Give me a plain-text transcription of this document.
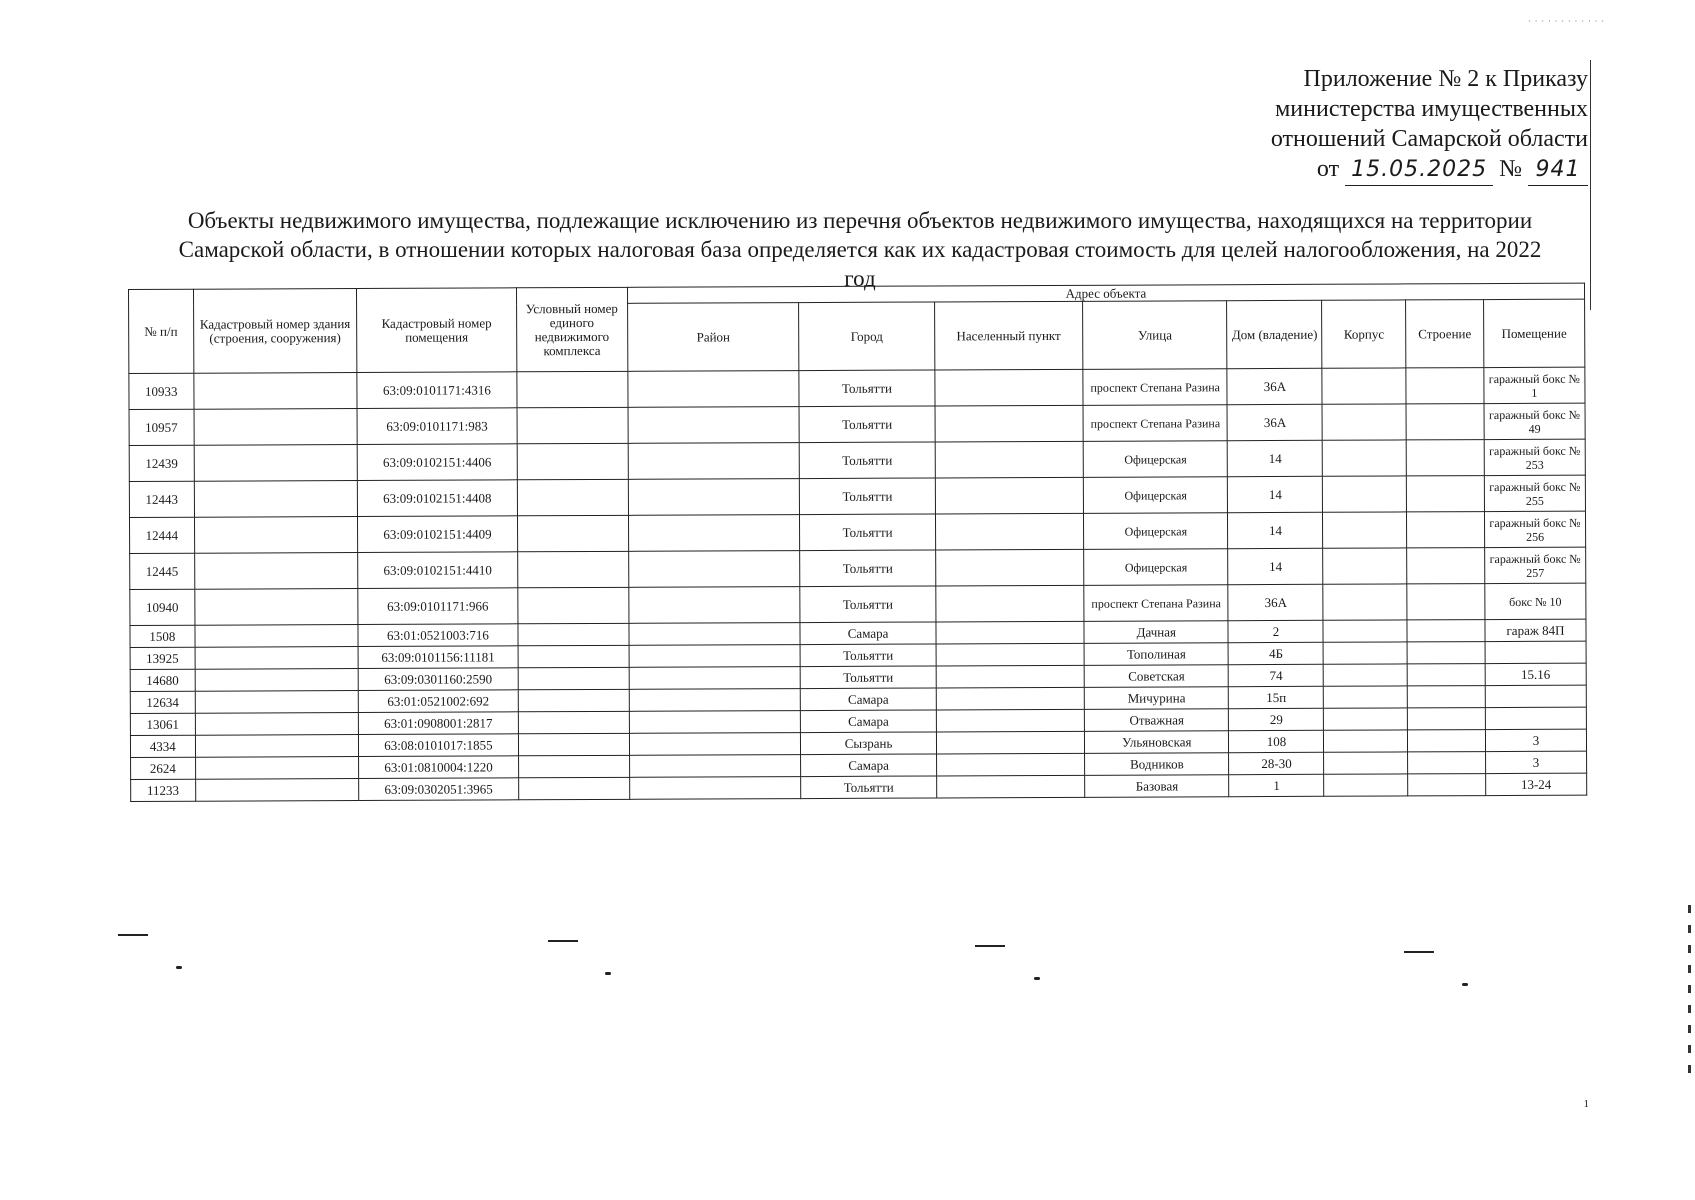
· · · · · · · · · · · ·
Приложение № 2 к Приказу
министерства имущественных
отношений Самарской области
от 15.05.2025 № 941
Объекты недвижимого имущества, подлежащие исключению из перечня объектов недвижимого имущества, находящихся на территории Самарской области, в отношении которых налоговая база определяется как их кадастровая стоимость для целей налогообложения, на 2022 год
№ п/п	Кадастровый номер здания (строения, сооружения)	Кадастровый номер помещения	Условный номер единого недвижимого комплекса	Адрес объекта							
				Район	Город	Населенный пункт	Улица	Дом (владение)	Корпус	Строение	Помещение
10933		63:09:0101171:4316			Тольятти		проспект Степана Разина	36А			гаражный бокс № 1
10957		63:09:0101171:983			Тольятти		проспект Степана Разина	36А			гаражный бокс № 49
12439		63:09:0102151:4406			Тольятти		Офицерская	14			гаражный бокс № 253
12443		63:09:0102151:4408			Тольятти		Офицерская	14			гаражный бокс № 255
12444		63:09:0102151:4409			Тольятти		Офицерская	14			гаражный бокс № 256
12445		63:09:0102151:4410			Тольятти		Офицерская	14			гаражный бокс № 257
10940		63:09:0101171:966			Тольятти		проспект Степана Разина	36А			бокс № 10
1508		63:01:0521003:716			Самара		Дачная	2			гараж 84П
13925		63:09:0101156:11181			Тольятти		Тополиная	4Б			
14680		63:09:0301160:2590			Тольятти		Советская	74			15.16
12634		63:01:0521002:692			Самара		Мичурина	15п			
13061		63:01:0908001:2817			Самара		Отважная	29			
4334		63:08:0101017:1855			Сызрань		Ульяновская	108			3
2624		63:01:0810004:1220			Самара		Водников	28-30			3
11233		63:09:0302051:3965			Тольятти		Базовая	1			13-24
1
